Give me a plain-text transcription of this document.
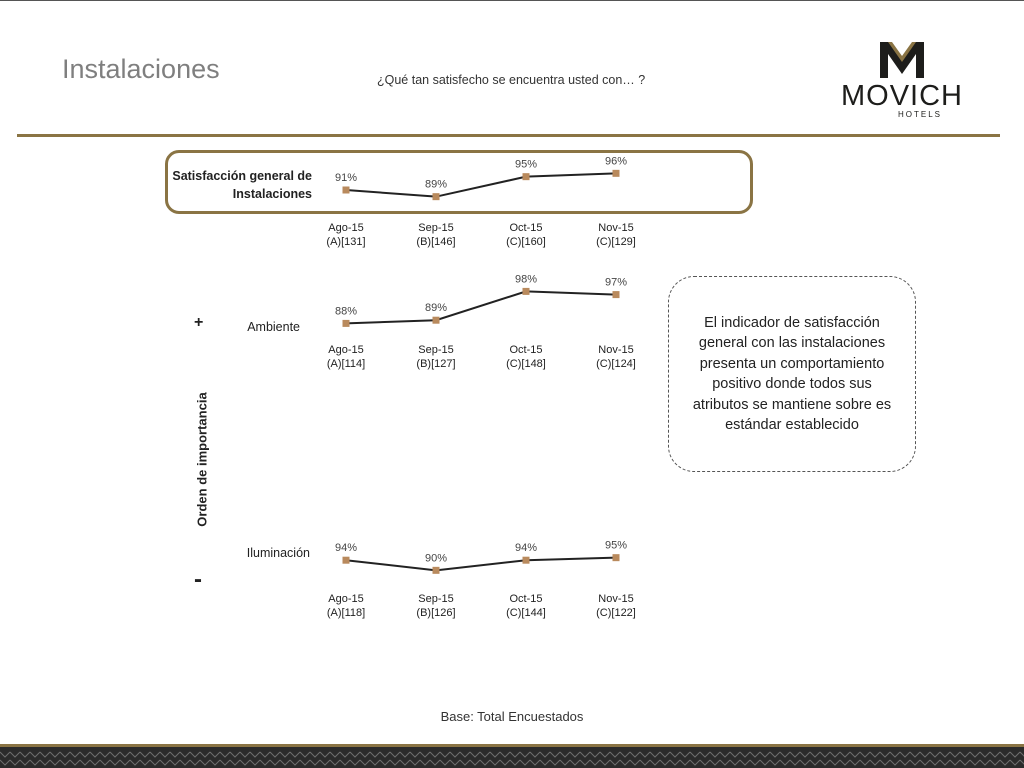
Instalaciones	¿Qué tan satisfecho se encuentra usted con… ?	MOVICH
HOTELS
Satisfacción general de Instalaciones
Ambiente
Iluminación
Orden de importancia
+
-
91%
89%
95%	96%
88%	89%
98%	97%
94%
90%
94%	95%
Ago-15
(A)[131]
Sep-15
(B)[146]
Oct-15
(C)[160]
Nov-15
(C)[129]
Ago-15
(A)[114]
Sep-15
(B)[127]
Oct-15
(C)[148]
Nov-15
(C)[124]
Ago-15
(A)[118]
Sep-15
(B)[126]
Oct-15
(C)[144]
Nov-15
(C)[122]
El indicador de satisfacción general con las instalaciones presenta un comportamiento positivo donde todos sus atributos se mantiene sobre es estándar establecido
Base: Total Encuestados
